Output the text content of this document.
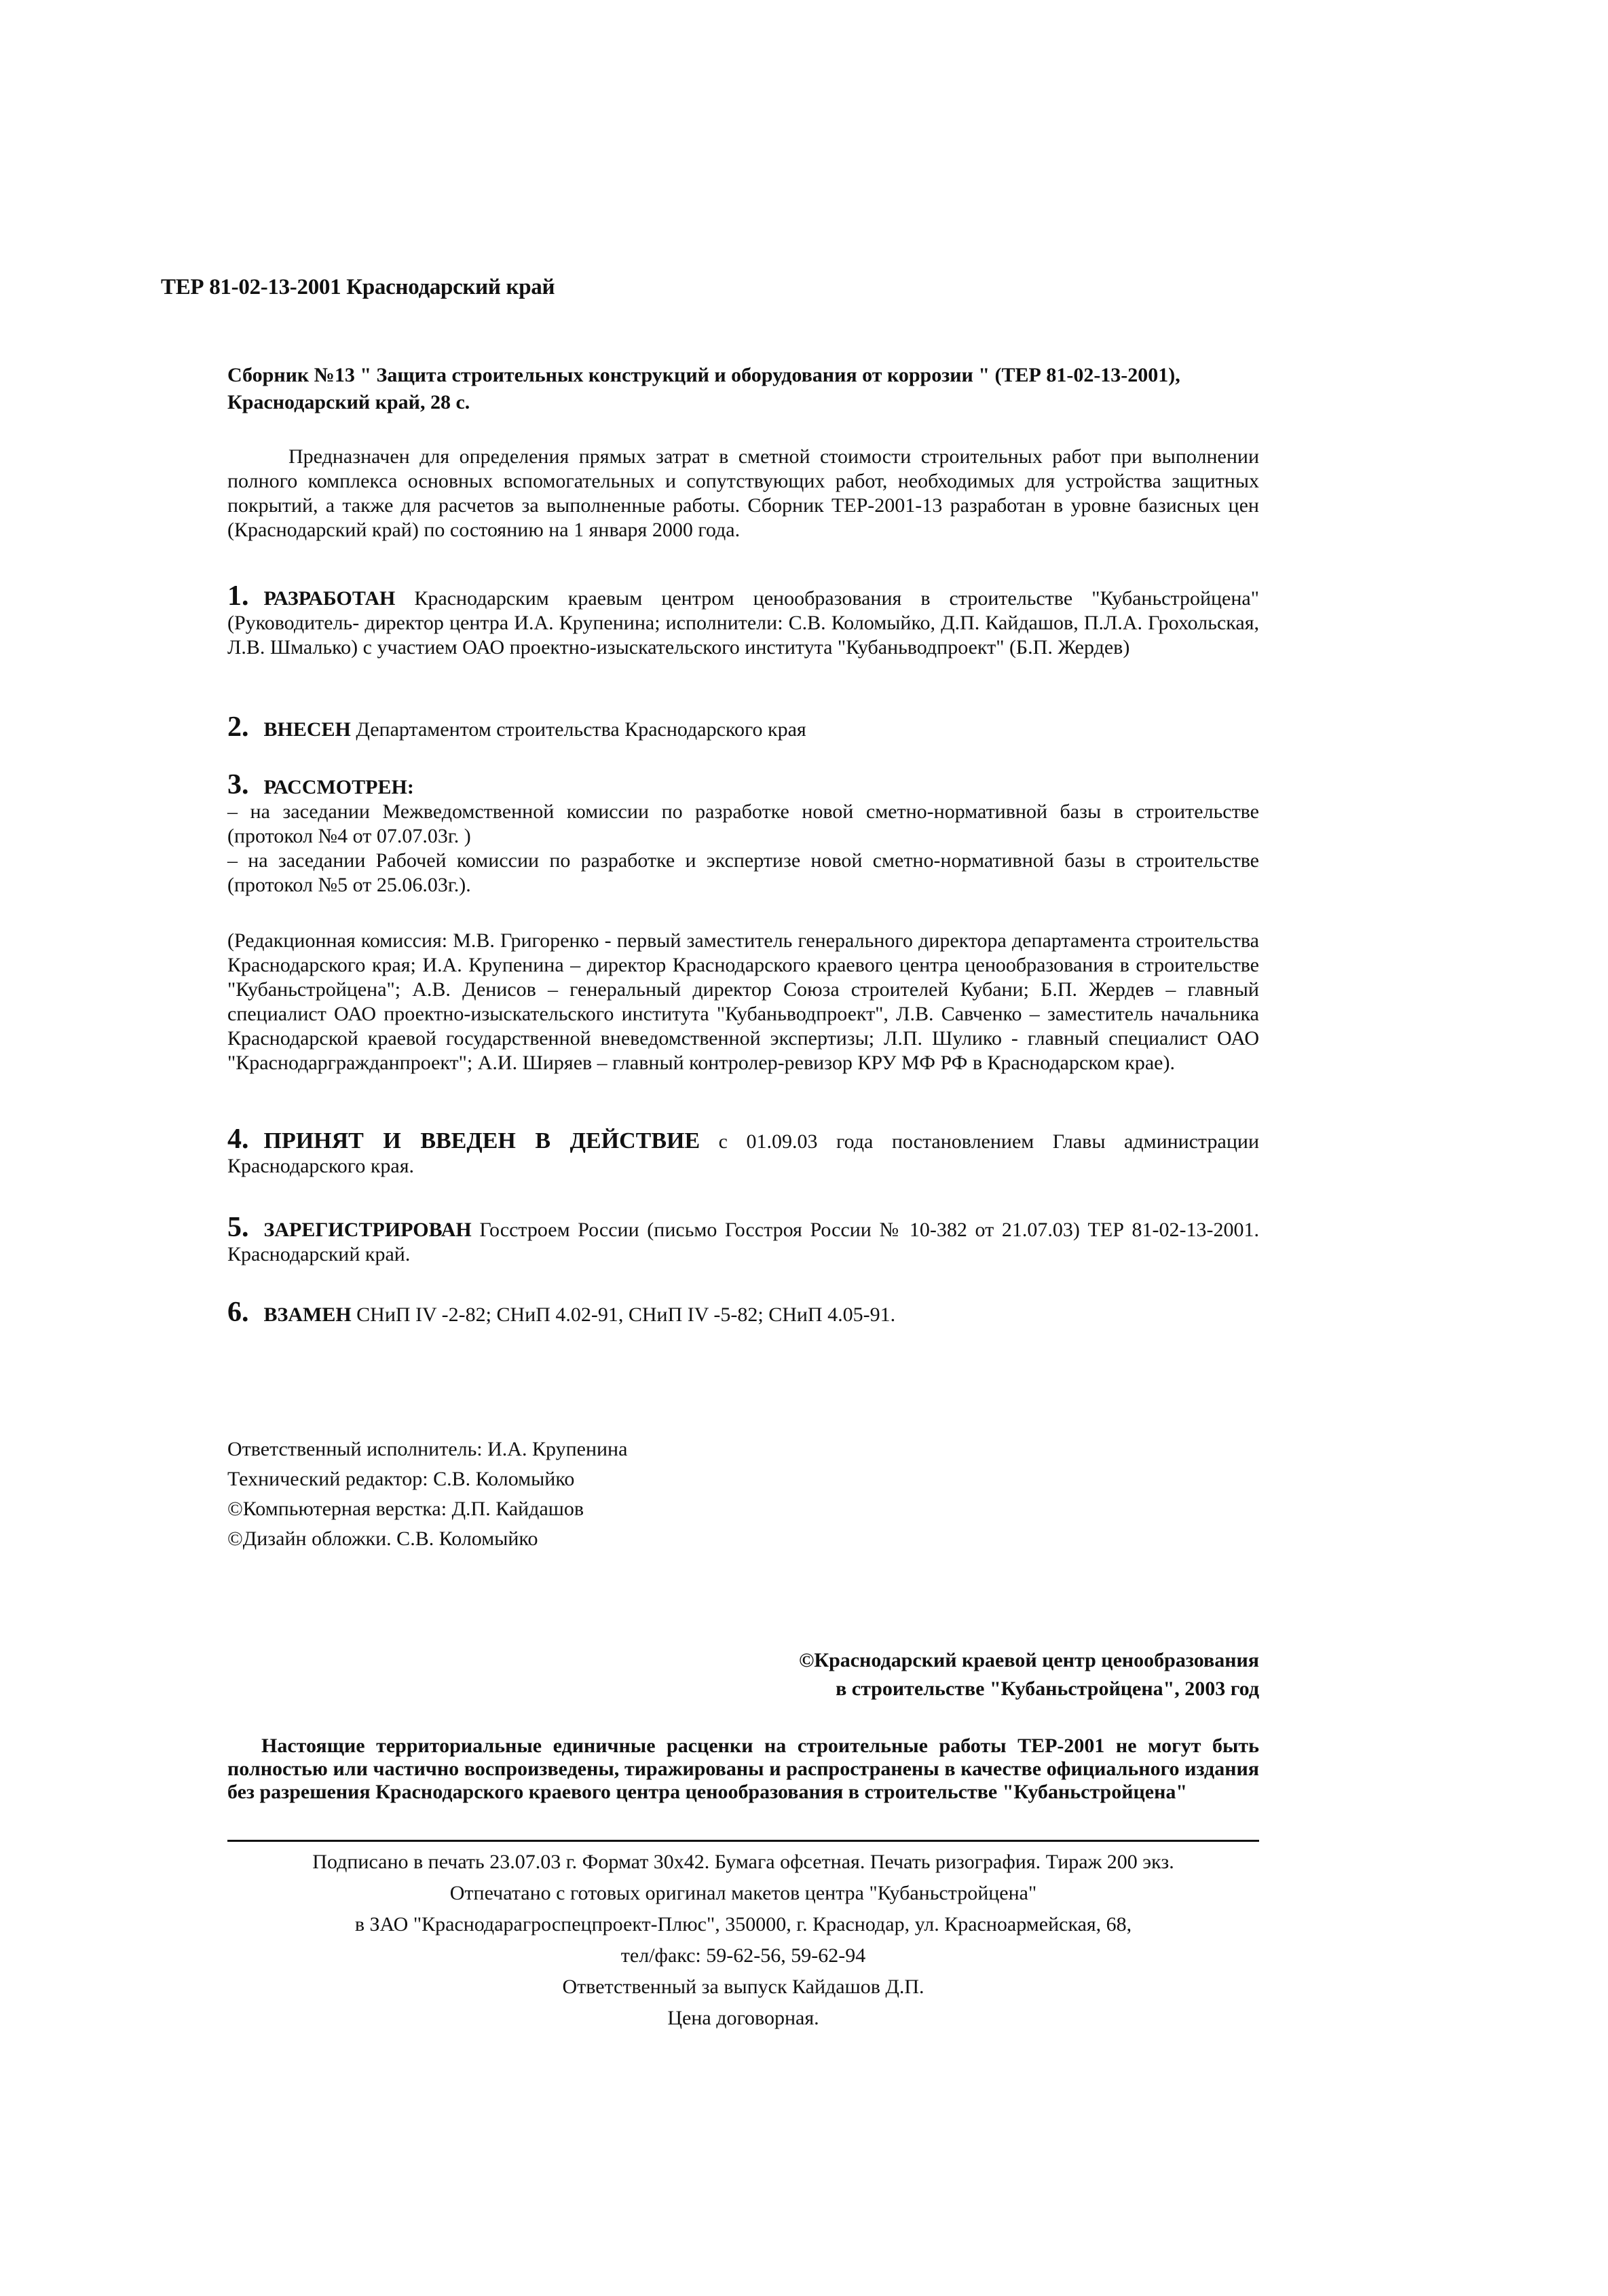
ТЕР 81-02-13-2001 Краснодарский край
Сборник №13 " Защита строительных конструкций и оборудования от коррозии " (ТЕР 81-02-13-2001), Краснодарский край, 28 с.

Предназначен для определения прямых затрат в сметной стоимости строительных работ при выполнении полного комплекса основных вспомогательных и сопутствующих работ, необходимых для устройства защитных покрытий, а также для расчетов за выполненные работы. Сборник ТЕР-2001-13 разработан в уровне базисных цен (Краснодарский край) по состоянию на 1 января 2000 года.

1. РАЗРАБОТАН Краснодарским краевым центром ценообразования в строительстве "Кубаньстройцена" (Руководитель- директор центра И.А. Крупенина; исполнители: С.В. Коломыйко, Д.П. Кайдашов, П.Л.А. Грохольская, Л.В. Шмалько) с участием ОАО проектно-изыскательского института "Кубаньводпроект" (Б.П. Жердев)

2. ВНЕСЕН Департаментом строительства Краснодарского края

3. РАССМОТРЕН:

– на заседании Межведомственной комиссии по разработке новой сметно-нормативной базы в строительстве (протокол №4 от 07.07.03г. )

– на заседании Рабочей комиссии по разработке и экспертизе новой сметно-нормативной базы в строительстве (протокол №5 от 25.06.03г.).

(Редакционная комиссия: М.В. Григоренко - первый заместитель генерального директора департамента строительства Краснодарского края; И.А. Крупенина – директор Краснодарского краевого центра ценообразования в строительстве "Кубаньстройцена"; А.В. Денисов – генеральный директор Союза строителей Кубани; Б.П. Жердев – главный специалист ОАО проектно-изыскательского института "Кубаньводпроект", Л.В. Савченко – заместитель начальника Краснодарской краевой государственной вневедомственной экспертизы; Л.П. Шулико - главный специалист ОАО "Краснодаргражданпроект"; А.И. Ширяев – главный контролер-ревизор КРУ МФ РФ в Краснодарском крае).

4. ПРИНЯТ И ВВЕДЕН В ДЕЙСТВИЕ с 01.09.03 года постановлением Главы администрации Краснодарского края.

5. ЗАРЕГИСТРИРОВАН Госстроем России (письмо Госстроя России № 10-382 от 21.07.03) ТЕР 81-02-13-2001. Краснодарский край.

6. ВЗАМЕН СНиП IV -2-82; СНиП 4.02-91, СНиП IV -5-82; СНиП 4.05-91.

Ответственный исполнитель: И.А. Крупенина
Технический редактор: С.В. Коломыйко
©Компьютерная верстка: Д.П. Кайдашов
©Дизайн обложки. С.В. Коломыйко
©Краснодарский краевой центр ценообразования
в строительстве "Кубаньстройцена", 2003 год

Настоящие территориальные единичные расценки на строительные работы ТЕР-2001 не могут быть полностью или частично воспроизведены, тиражированы и распространены в качестве официального издания без разрешения Краснодарского краевого центра ценообразования в строительстве "Кубаньстройцена"

Подписано в печать 23.07.03 г. Формат 30х42. Бумага офсетная. Печать ризография. Тираж 200 экз.
Отпечатано с готовых оригинал макетов центра "Кубаньстройцена"
в ЗАО "Краснодарагроспецпроект-Плюс", 350000, г. Краснодар, ул. Красноармейская, 68,
тел/факс: 59-62-56, 59-62-94
Ответственный за выпуск Кайдашов Д.П.
Цена договорная.
